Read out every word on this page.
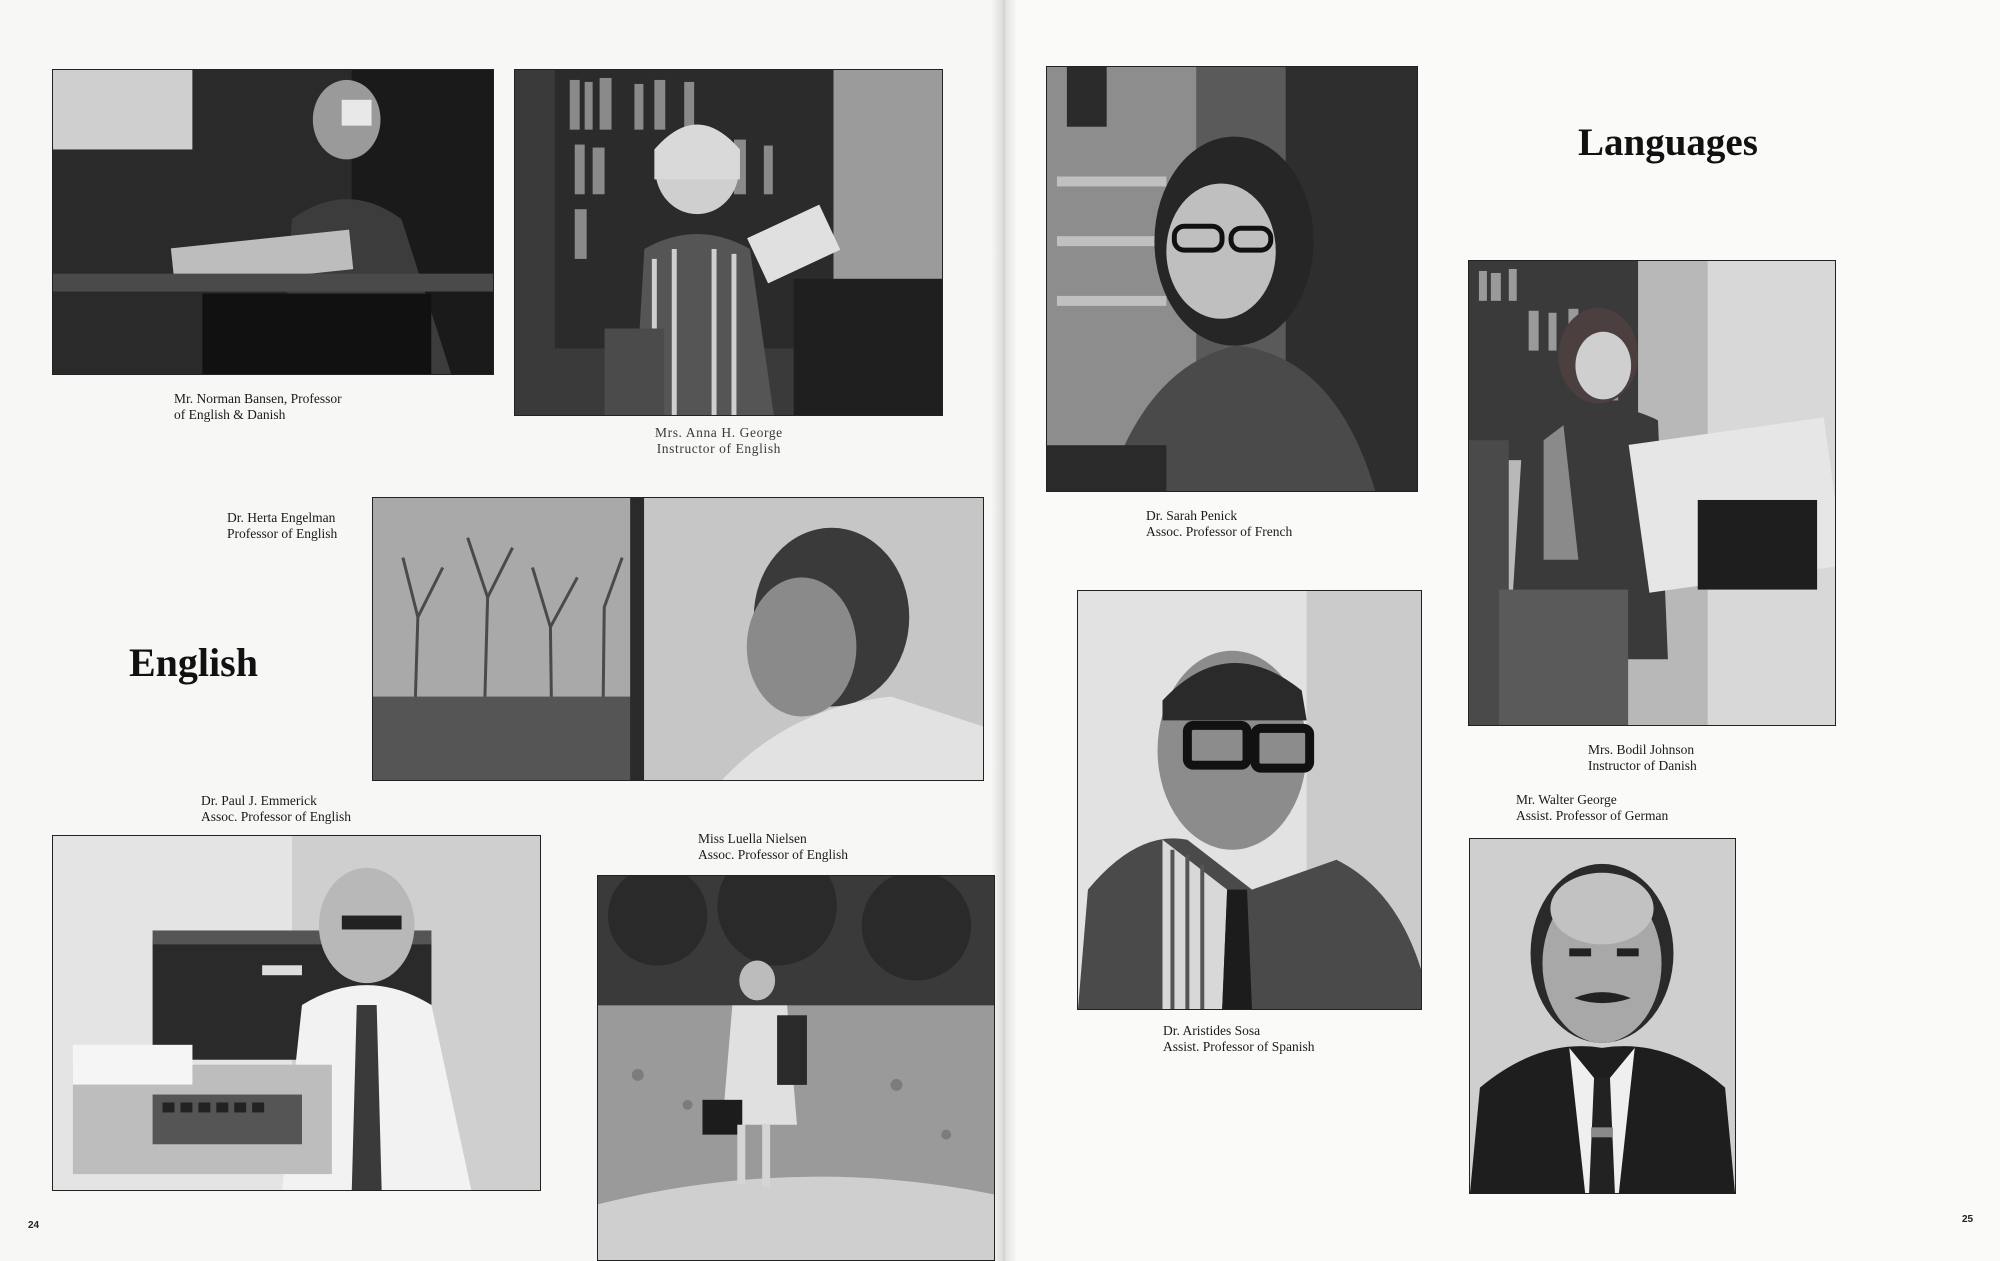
Mr. Norman Bansen, Professor
of English & Danish
Mrs. Anna H. George
Instructor of English
Dr. Herta Engelman
Professor of English
English
Dr. Paul J. Emmerick
Assoc. Professor of English
Miss Luella Nielsen
Assoc. Professor of English
24
Dr. Sarah Penick
Assoc. Professor of French
Languages
Mrs. Bodil Johnson
Instructor of Danish
Mr. Walter George
Assist. Professor of German
Dr. Aristides Sosa
Assist. Professor of Spanish
25
